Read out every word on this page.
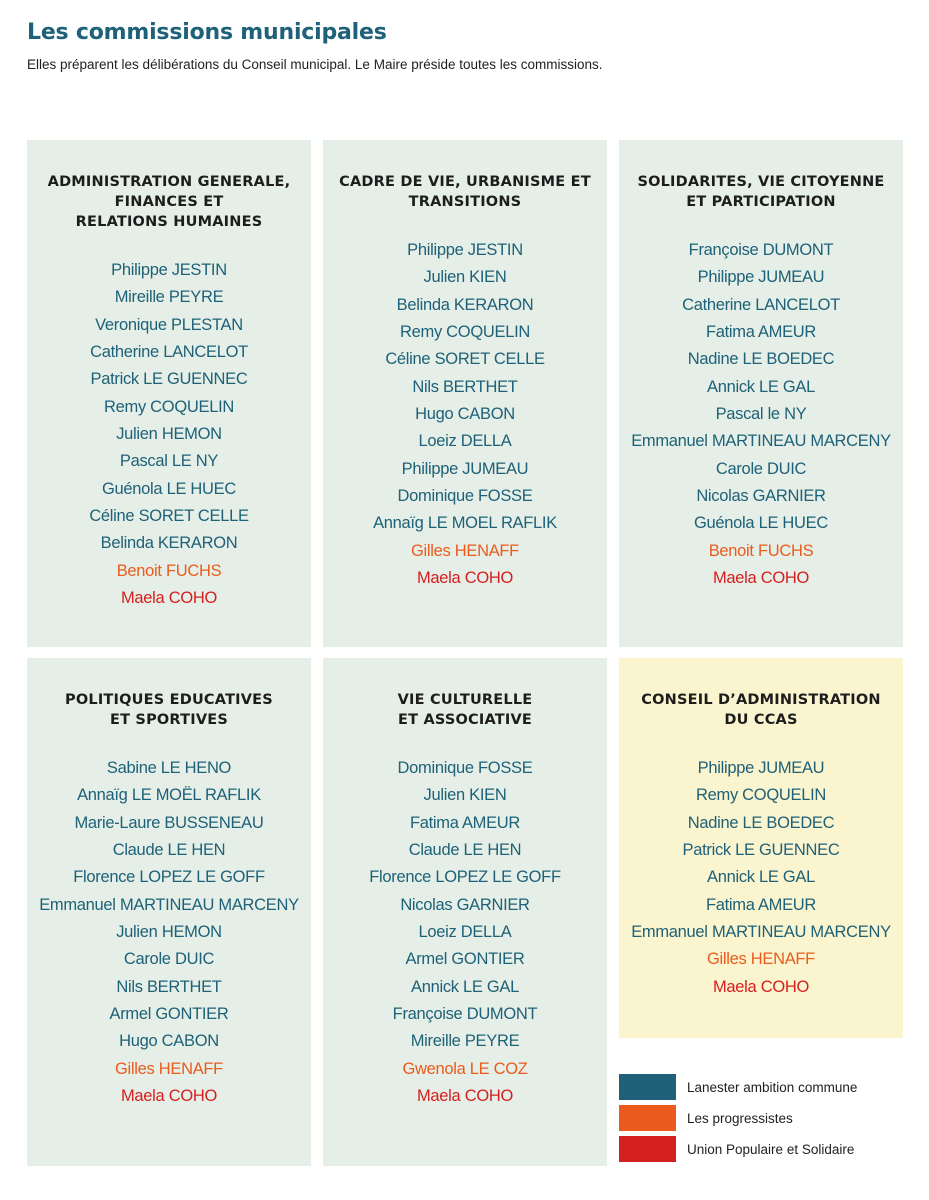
Les commissions municipales

Elles préparent les délibérations du Conseil municipal. Le Maire préside toutes les commissions.

ADMINISTRATION GENERALE,
FINANCES ET
RELATIONS HUMAINES
Philippe JESTIN
Mireille PEYRE
Veronique PLESTAN
Catherine LANCELOT
Patrick LE GUENNEC
Remy COQUELIN
Julien HEMON
Pascal LE NY
Guénola LE HUEC
Céline SORET CELLE
Belinda KERARON
Benoit FUCHS
Maela COHO
CADRE DE VIE, URBANISME ET
TRANSITIONS
Philippe JESTIN
Julien KIEN
Belinda KERARON
Remy COQUELIN
Céline SORET CELLE
Nils BERTHET
Hugo CABON
Loeiz DELLA
Philippe JUMEAU
Dominique FOSSE
Annaïg LE MOEL RAFLIK
Gilles HENAFF
Maela COHO
SOLIDARITES, VIE CITOYENNE
ET PARTICIPATION
Françoise DUMONT
Philippe JUMEAU
Catherine LANCELOT
Fatima AMEUR
Nadine LE BOEDEC
Annick LE GAL
Pascal le NY
Emmanuel MARTINEAU MARCENY
Carole DUIC
Nicolas GARNIER
Guénola LE HUEC
Benoit FUCHS
Maela COHO
POLITIQUES EDUCATIVES
ET SPORTIVES
Sabine LE HENO
Annaïg LE MOËL RAFLIK
Marie-Laure BUSSENEAU
Claude LE HEN
Florence LOPEZ LE GOFF
Emmanuel MARTINEAU MARCENY
Julien HEMON
Carole DUIC
Nils BERTHET
Armel GONTIER
Hugo CABON
Gilles HENAFF
Maela COHO
VIE CULTURELLE
ET ASSOCIATIVE
Dominique FOSSE
Julien KIEN
Fatima AMEUR
Claude LE HEN
Florence LOPEZ LE GOFF
Nicolas GARNIER
Loeiz DELLA
Armel GONTIER
Annick LE GAL
Françoise DUMONT
Mireille PEYRE
Gwenola LE COZ
Maela COHO
CONSEIL D’ADMINISTRATION
DU CCAS
Philippe JUMEAU
Remy COQUELIN
Nadine LE BOEDEC
Patrick LE GUENNEC
Annick LE GAL
Fatima AMEUR
Emmanuel MARTINEAU MARCENY
Gilles HENAFF
Maela COHO
Lanester ambition commune
Les progressistes
Union Populaire et Solidaire
